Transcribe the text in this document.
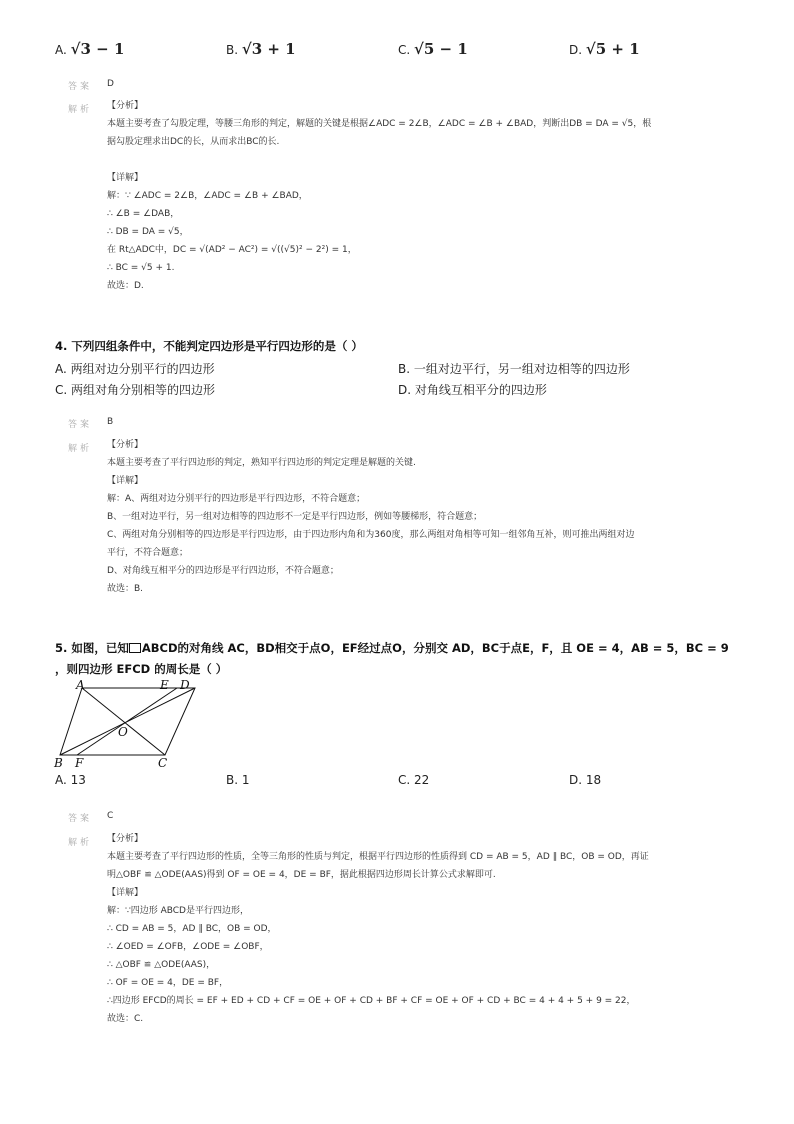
A. √3 − 1	B. √3 + 1	C. √5 − 1	D. √5 + 1
答案 D
解析 【分析】
本题主要考查了勾股定理，等腰三角形的判定，解题的关键是根据∠ADC = 2∠B，∠ADC = ∠B + ∠BAD，判断出DB = DA = √5，根
据勾股定理求出DC的长，从而求出BC的长.
【详解】
解：∵ ∠ADC = 2∠B，∠ADC = ∠B + ∠BAD，
∴ ∠B = ∠DAB，
∴ DB = DA = √5，
在 Rt△ADC中，DC = √(AD² − AC²) = √((√5)² − 2²) = 1，
∴ BC = √5 + 1.
故选：D.
4. 下列四组条件中，不能判定四边形是平行四边形的是（ ）
A. 两组对边分别平行的四边形	B. 一组对边平行，另一组对边相等的四边形
C. 两组对角分别相等的四边形	D. 对角线互相平分的四边形
答案 B
解析 【分析】
本题主要考查了平行四边形的判定，熟知平行四边形的判定定理是解题的关键.
【详解】
解：A、两组对边分别平行的四边形是平行四边形，不符合题意；
B、一组对边平行，另一组对边相等的四边形不一定是平行四边形，例如等腰梯形，符合题意；
C、两组对角分别相等的四边形是平行四边形，由于四边形内角和为360度，那么两组对角相等可知一组邻角互补，则可推出两组对边
平行，不符合题意；
D、对角线互相平分的四边形是平行四边形，不符合题意；
故选：B.
5. 如图，已知 ABCD的对角线 AC，BD相交于点O，EF经过点O，分别交 AD，BC于点E，F，且 OE = 4，AB = 5，BC = 9
，则四边形 EFCD 的周长是（ ）
A	E D
O
B F	C
A. 13	B. 1	C. 22	D. 18
答案 C
解析 【分析】
本题主要考查了平行四边形的性质，全等三角形的性质与判定，根据平行四边形的性质得到 CD = AB = 5，AD ∥ BC，OB = OD，再证
明△OBF ≌ △ODE(AAS)得到 OF = OE = 4，DE = BF，据此根据四边形周长计算公式求解即可.
【详解】
解：∵四边形 ABCD是平行四边形，
∴ CD = AB = 5，AD ∥ BC，OB = OD，
∴ ∠OED = ∠OFB，∠ODE = ∠OBF，
∴ △OBF ≌ △ODE(AAS)，
∴ OF = OE = 4，DE = BF，
∴四边形 EFCD的周长 = EF + ED + CD + CF = OE + OF + CD + BF + CF = OE + OF + CD + BC = 4 + 4 + 5 + 9 = 22，
故选：C.
